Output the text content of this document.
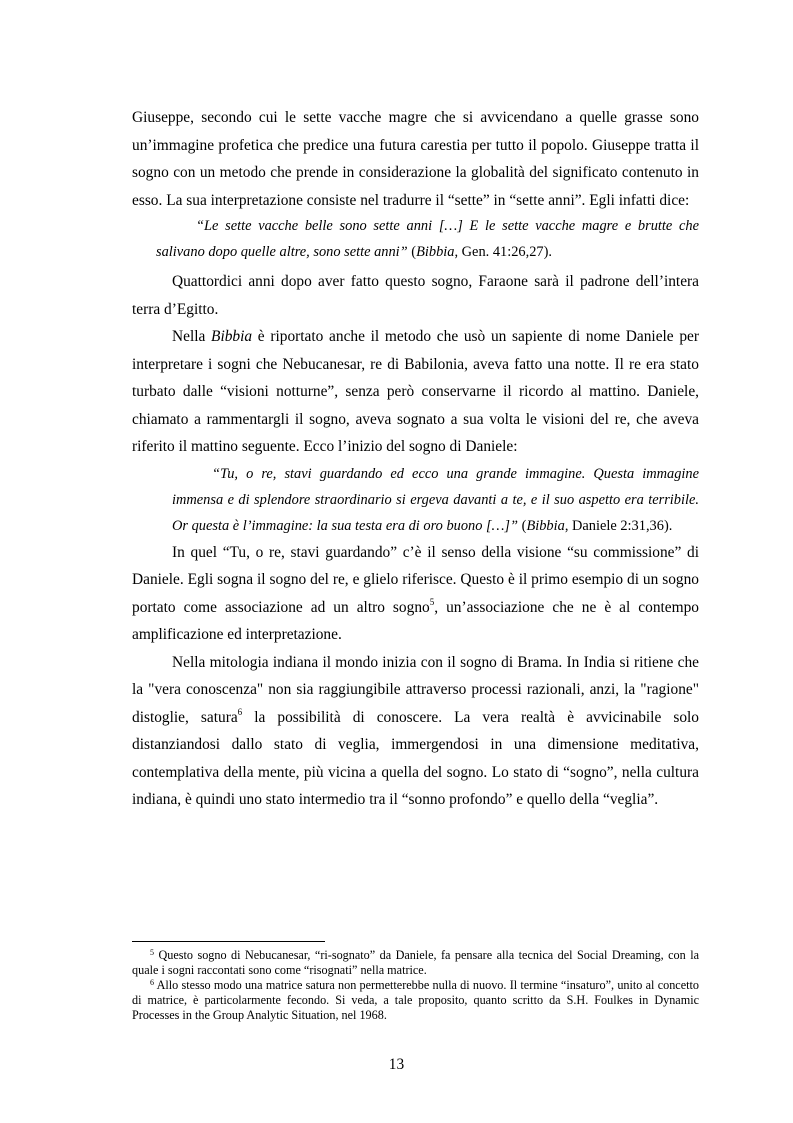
Giuseppe, secondo cui le sette vacche magre che si avvicendano a quelle grasse sono un’immagine profetica che predice una futura carestia per tutto il popolo. Giuseppe tratta il sogno con un metodo che prende in considerazione la globalità del significato contenuto in esso. La sua interpretazione consiste nel tradurre il “sette” in “sette anni”. Egli infatti dice:

“Le sette vacche belle sono sette anni […] E le sette vacche magre e brutte che salivano dopo quelle altre, sono sette anni” (Bibbia, Gen. 41:26,27).

Quattordici anni dopo aver fatto questo sogno, Faraone sarà il padrone dell’intera terra d’Egitto.

Nella Bibbia è riportato anche il metodo che usò un sapiente di nome Daniele per interpretare i sogni che Nebucanesar, re di Babilonia, aveva fatto una notte. Il re era stato turbato dalle “visioni notturne”, senza però conservarne il ricordo al mattino. Daniele, chiamato a rammentargli il sogno, aveva sognato a sua volta le visioni del re, che aveva riferito il mattino seguente. Ecco l’inizio del sogno di Daniele:

“Tu, o re, stavi guardando ed ecco una grande immagine. Questa immagine immensa e di splendore straordinario si ergeva davanti a te, e il suo aspetto era terribile. Or questa è l’immagine: la sua testa era di oro buono […]” (Bibbia, Daniele 2:31,36).

In quel “Tu, o re, stavi guardando” c’è il senso della visione “su commissione” di Daniele. Egli sogna il sogno del re, e glielo riferisce. Questo è il primo esempio di un sogno portato come associazione ad un altro sogno$^5$, un’associazione che ne è al contempo amplificazione ed interpretazione.

Nella mitologia indiana il mondo inizia con il sogno di Brama. In India si ritiene che la "vera conoscenza" non sia raggiungibile attraverso processi razionali, anzi, la "ragione" distoglie, satura$^6$ la possibilità di conoscere. La vera realtà è avvicinabile solo distanziandosi dallo stato di veglia, immergendosi in una dimensione meditativa, contemplativa della mente, più vicina a quella del sogno. Lo stato di “sogno”, nella cultura indiana, è quindi uno stato intermedio tra il “sonno profondo” e quello della “veglia”.

$^5$ Questo sogno di Nebucanesar, “ri-sognato” da Daniele, fa pensare alla tecnica del Social Dreaming, con la quale i sogni raccontati sono come “risognati” nella matrice.

$^6$ Allo stesso modo una matrice satura non permetterebbe nulla di nuovo. Il termine “insaturo”, unito al concetto di matrice, è particolarmente fecondo. Si veda, a tale proposito, quanto scritto da S.H. Foulkes in Dynamic Processes in the Group Analytic Situation, nel 1968.

13
